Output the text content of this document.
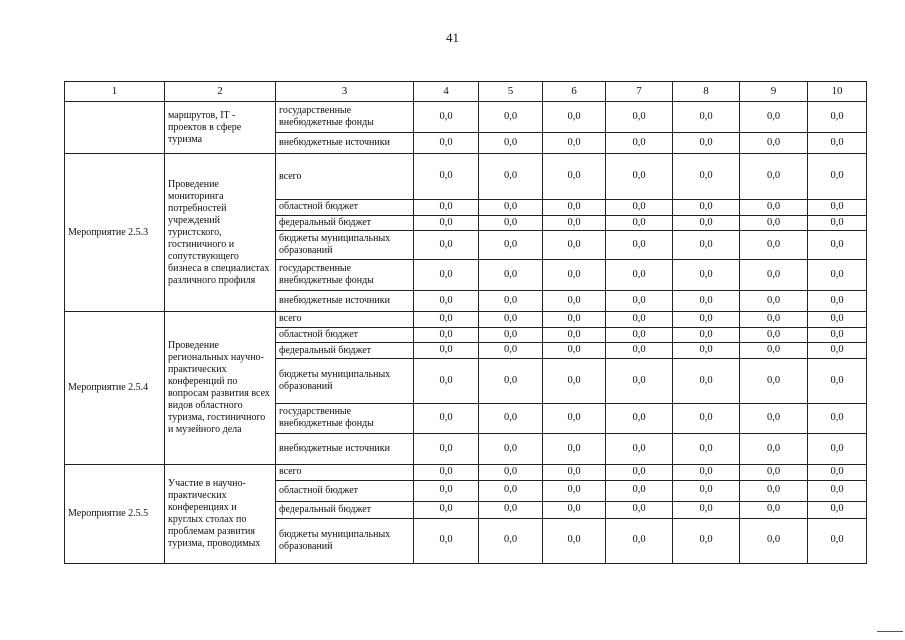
41
1	2	3	4	5	6	7	8	9	10
	маршрутов, IT - проектов в сфере туризма	государственные внебюджетные фонды	0,0	0,0	0,0	0,0	0,0	0,0	0,0
		внебюджетные источники	0,0	0,0	0,0	0,0	0,0	0,0	0,0
Мероприятие 2.5.3	Проведение мониторинга потребностей учреждений туристского, гостиничного и сопутствующего бизнеса в специалистах различного профиля	всего	0,0	0,0	0,0	0,0	0,0	0,0	0,0
		областной бюджет	0,0	0,0	0,0	0,0	0,0	0,0	0,0
		федеральный бюджет	0,0	0,0	0,0	0,0	0,0	0,0	0,0
		бюджеты муниципальных образований	0,0	0,0	0,0	0,0	0,0	0,0	0,0
		государственные внебюджетные фонды	0,0	0,0	0,0	0,0	0,0	0,0	0,0
		внебюджетные источники	0,0	0,0	0,0	0,0	0,0	0,0	0,0
Мероприятие 2.5.4	Проведение региональных научно-практических конференций по вопросам развития всех видов областного туризма, гостиничного и музейного дела	всего	0,0	0,0	0,0	0,0	0,0	0,0	0,0
		областной бюджет	0,0	0,0	0,0	0,0	0,0	0,0	0,0
		федеральный бюджет	0,0	0,0	0,0	0,0	0,0	0,0	0,0
		бюджеты муниципальных образований	0,0	0,0	0,0	0,0	0,0	0,0	0,0
		государственные внебюджетные фонды	0,0	0,0	0,0	0,0	0,0	0,0	0,0
		внебюджетные источники	0,0	0,0	0,0	0,0	0,0	0,0	0,0
Мероприятие 2.5.5	Участие в научно-практических конференциях и круглых столах по проблемам развития туризма, проводимых	всего	0,0	0,0	0,0	0,0	0,0	0,0	0,0
		областной бюджет	0,0	0,0	0,0	0,0	0,0	0,0	0,0
		федеральный бюджет	0,0	0,0	0,0	0,0	0,0	0,0	0,0
		бюджеты муниципальных образований	0,0	0,0	0,0	0,0	0,0	0,0	0,0
